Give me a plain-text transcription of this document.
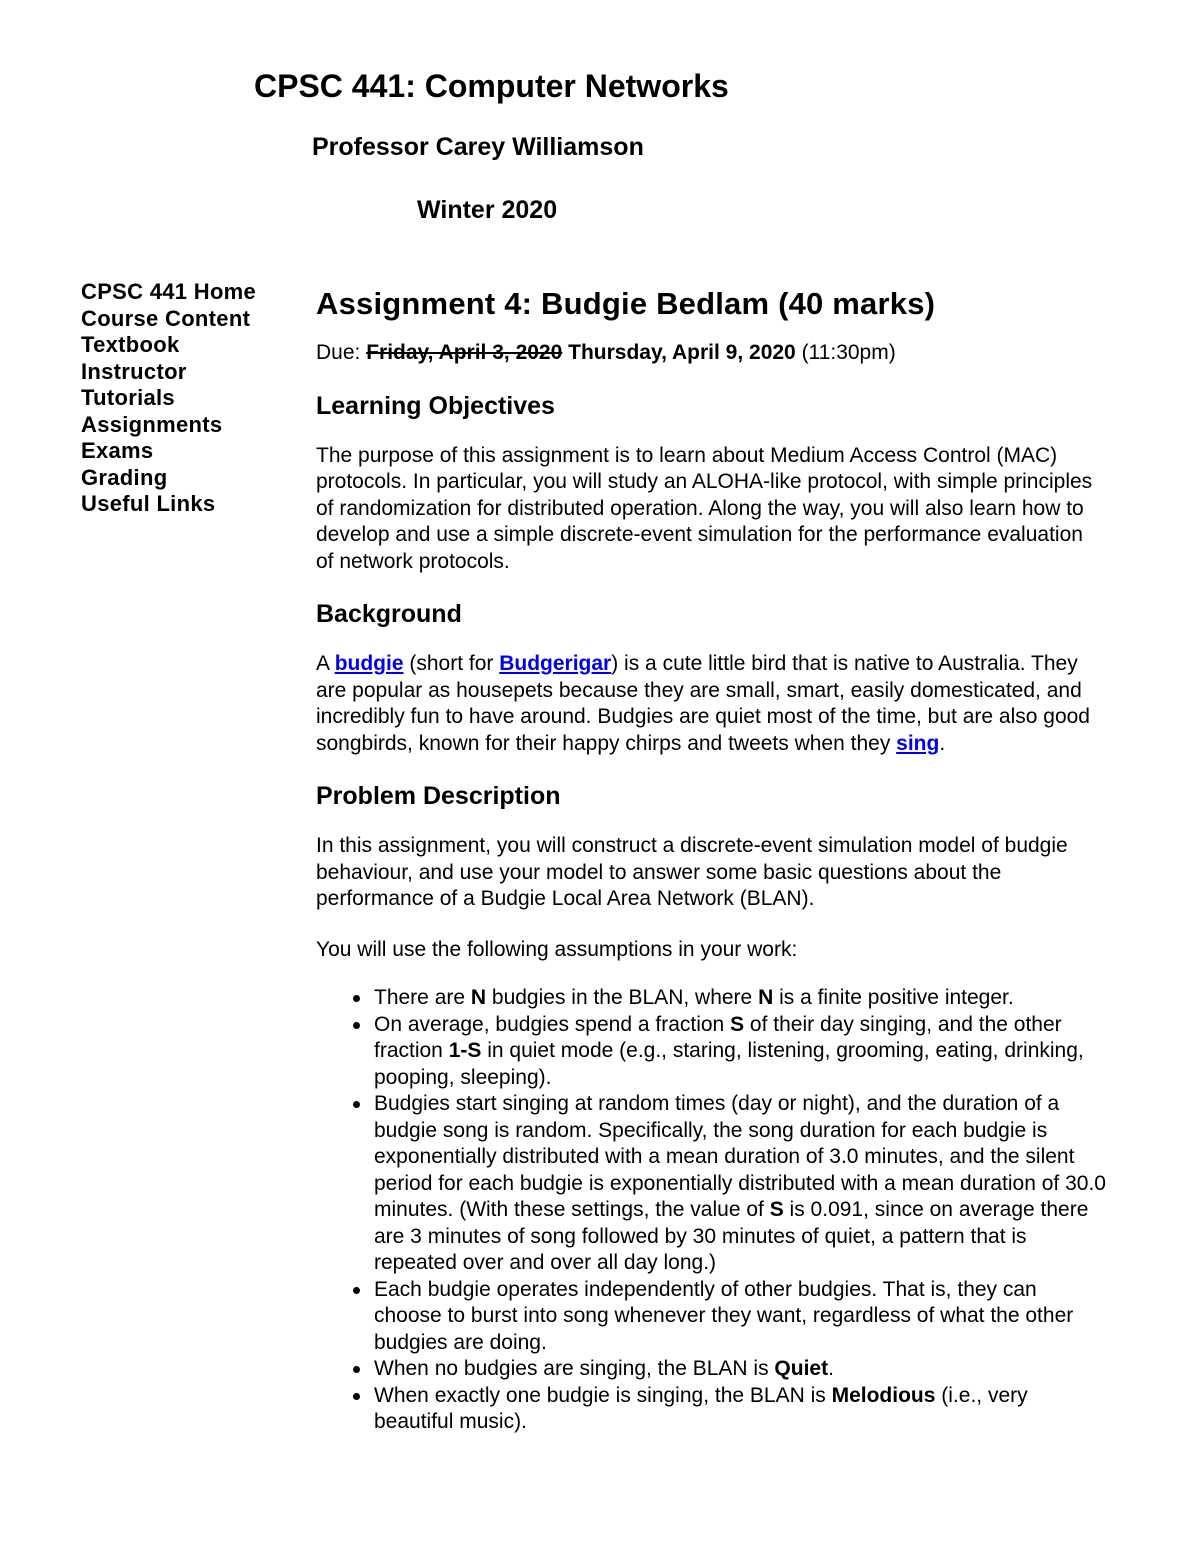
CPSC 441: Computer Networks
Professor Carey Williamson
Winter 2020
CPSC 441 Home
Course Content
Textbook
Instructor
Tutorials
Assignments
Exams
Grading
Useful Links
Assignment 4: Budgie Bedlam (40 marks)

Due: Friday, April 3, 2020 Thursday, April 9, 2020 (11:30pm)

Learning Objectives

The purpose of this assignment is to learn about Medium Access Control (MAC) protocols. In particular, you will study an ALOHA-like protocol, with simple principles of randomization for distributed operation. Along the way, you will also learn how to develop and use a simple discrete-event simulation for the performance evaluation of network protocols.

Background

A budgie (short for Budgerigar) is a cute little bird that is native to Australia. They are popular as housepets because they are small, smart, easily domesticated, and incredibly fun to have around. Budgies are quiet most of the time, but are also good songbirds, known for their happy chirps and tweets when they sing.

Problem Description

In this assignment, you will construct a discrete-event simulation model of budgie behaviour, and use your model to answer some basic questions about the performance of a Budgie Local Area Network (BLAN).

You will use the following assumptions in your work:

There are N budgies in the BLAN, where N is a finite positive integer.
On average, budgies spend a fraction S of their day singing, and the other fraction 1-S in quiet mode (e.g., staring, listening, grooming, eating, drinking, pooping, sleeping).
Budgies start singing at random times (day or night), and the duration of a budgie song is random. Specifically, the song duration for each budgie is exponentially distributed with a mean duration of 3.0 minutes, and the silent period for each budgie is exponentially distributed with a mean duration of 30.0 minutes. (With these settings, the value of S is 0.091, since on average there are 3 minutes of song followed by 30 minutes of quiet, a pattern that is repeated over and over all day long.)
Each budgie operates independently of other budgies. That is, they can choose to burst into song whenever they want, regardless of what the other budgies are doing.
When no budgies are singing, the BLAN is Quiet.
When exactly one budgie is singing, the BLAN is Melodious (i.e., very beautiful music).
